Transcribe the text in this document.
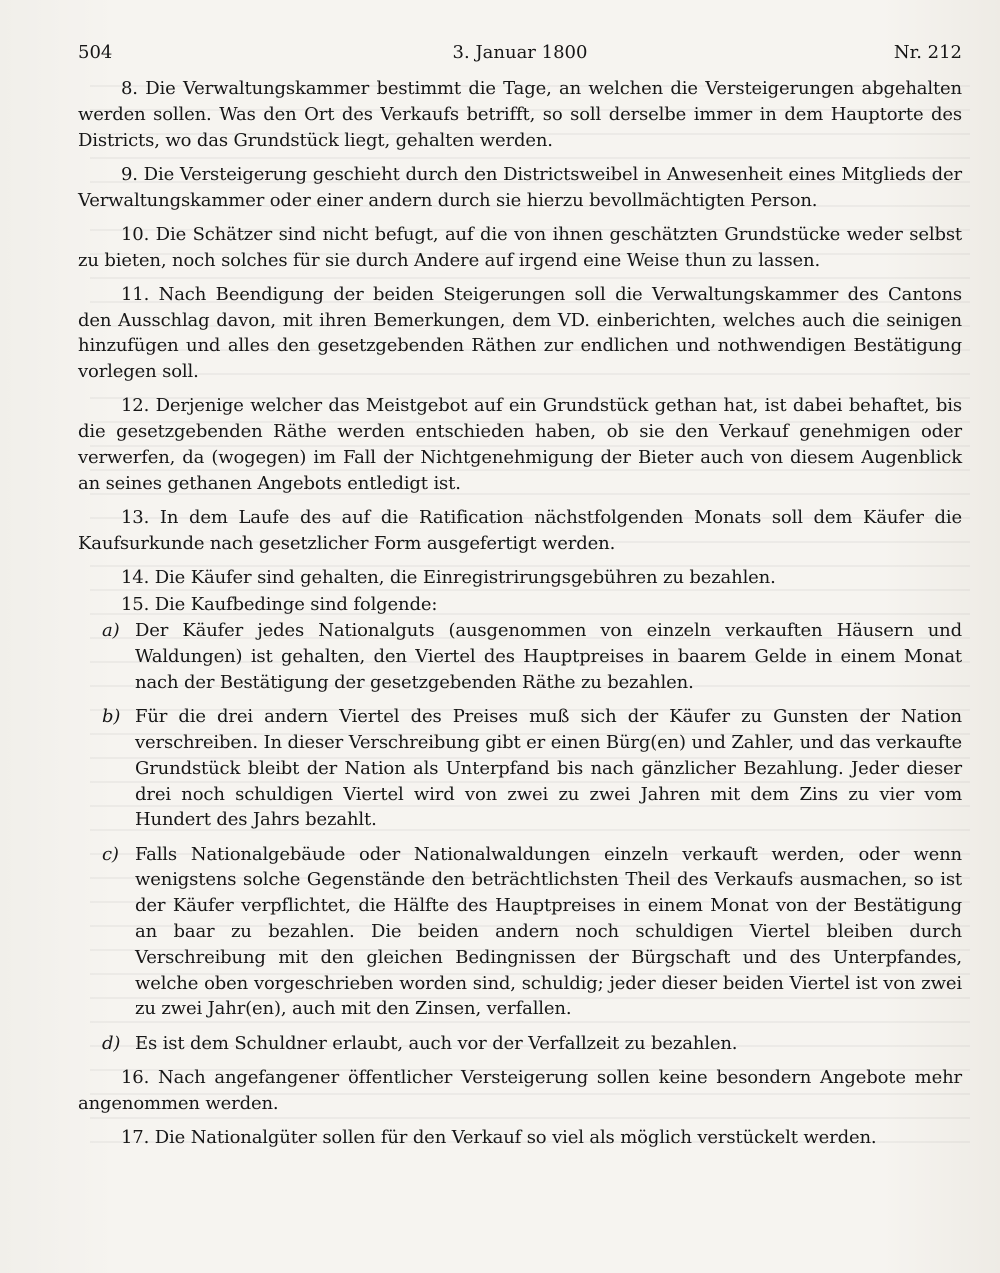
3. Januar 1800
504	Nr. 212

8. Die Verwaltungskammer bestimmt die Tage, an welchen die Versteigerungen abgehalten werden sollen. Was den Ort des Verkaufs betrifft, so soll derselbe immer in dem Hauptorte des Districts, wo das Grundstück liegt, gehalten werden.

9. Die Versteigerung geschieht durch den Districtsweibel in Anwesenheit eines Mitglieds der Verwaltungskammer oder einer andern durch sie hierzu bevollmächtigten Person.

10. Die Schätzer sind nicht befugt, auf die von ihnen geschätzten Grundstücke weder selbst zu bieten, noch solches für sie durch Andere auf irgend eine Weise thun zu lassen.

11. Nach Beendigung der beiden Steigerungen soll die Verwaltungskammer des Cantons den Ausschlag davon, mit ihren Bemerkungen, dem VD. einberichten, welches auch die seinigen hinzufügen und alles den gesetzgebenden Räthen zur endlichen und nothwendigen Bestätigung vorlegen soll.

12. Derjenige welcher das Meistgebot auf ein Grundstück gethan hat, ist dabei behaftet, bis die gesetzgebenden Räthe werden entschieden haben, ob sie den Verkauf genehmigen oder verwerfen, da (wogegen) im Fall der Nichtgenehmigung der Bieter auch von diesem Augenblick an seines gethanen Angebots entledigt ist.

13. In dem Laufe des auf die Ratification nächstfolgenden Monats soll dem Käufer die Kaufsurkunde nach gesetzlicher Form ausgefertigt werden.

14. Die Käufer sind gehalten, die Einregistrirungsgebühren zu bezahlen.

15. Die Kaufbedinge sind folgende:

a) Der Käufer jedes Nationalguts (ausgenommen von einzeln verkauften Häusern und Waldungen) ist gehalten, den Viertel des Hauptpreises in baarem Gelde in einem Monat nach der Bestätigung der gesetzgebenden Räthe zu bezahlen.
b) Für die drei andern Viertel des Preises muß sich der Käufer zu Gunsten der Nation verschreiben. In dieser Verschreibung gibt er einen Bürg(en) und Zahler, und das verkaufte Grundstück bleibt der Nation als Unterpfand bis nach gänzlicher Bezahlung. Jeder dieser drei noch schuldigen Viertel wird von zwei zu zwei Jahren mit dem Zins zu vier vom Hundert des Jahrs bezahlt.
c) Falls Nationalgebäude oder Nationalwaldungen einzeln verkauft werden, oder wenn wenigstens solche Gegenstände den beträchtlichsten Theil des Verkaufs ausmachen, so ist der Käufer verpflichtet, die Hälfte des Hauptpreises in einem Monat von der Bestätigung an baar zu bezahlen. Die beiden andern noch schuldigen Viertel bleiben durch Verschreibung mit den gleichen Bedingnissen der Bürgschaft und des Unterpfandes, welche oben vorgeschrieben worden sind, schuldig; jeder dieser beiden Viertel ist von zwei zu zwei Jahr(en), auch mit den Zinsen, verfallen.
d) Es ist dem Schuldner erlaubt, auch vor der Verfallzeit zu bezahlen.

16. Nach angefangener öffentlicher Versteigerung sollen keine besondern Angebote mehr angenommen werden.

17. Die Nationalgüter sollen für den Verkauf so viel als möglich verstückelt werden.
